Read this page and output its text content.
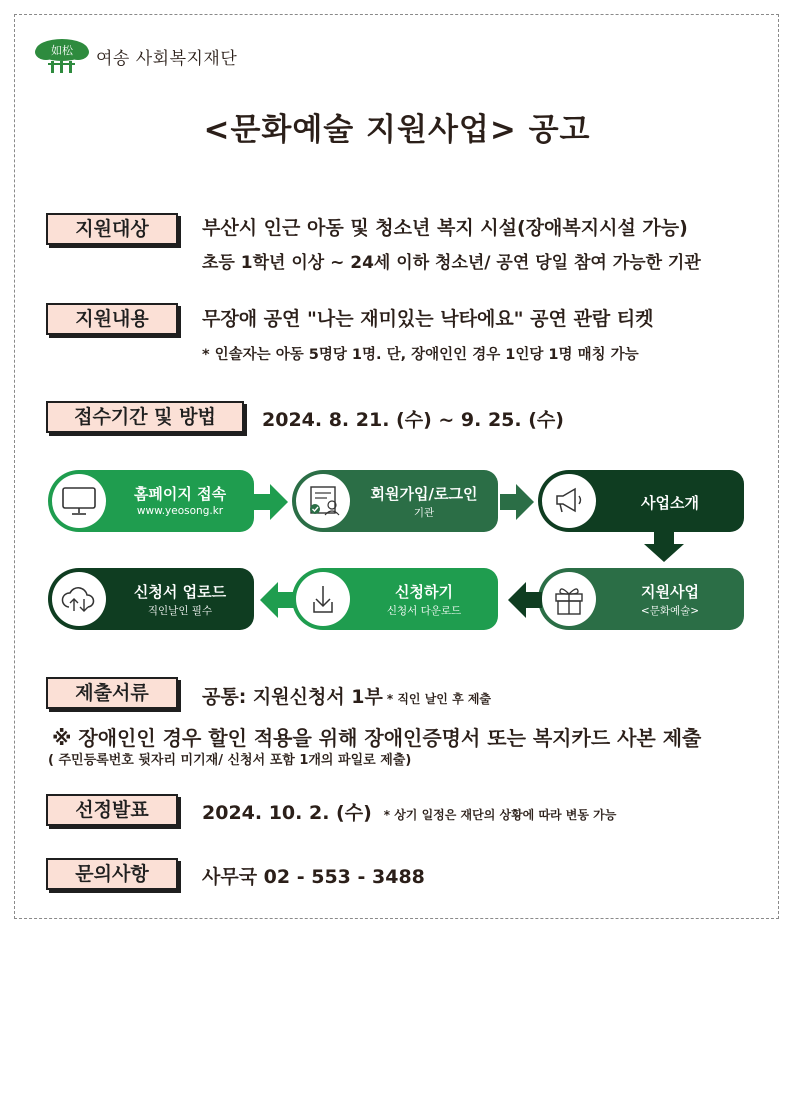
如松 여송 사회복지재단
<문화예술 지원사업> 공고
지원대상	부산시 인근 아동 및 청소년 복지 시설(장애복지시설 가능)
초등 1학년 이상 ~ 24세 이하 청소년/ 공연 당일 참여 가능한 기관
지원내용	무장애 공연 "나는 재미있는 낙타에요" 공연 관람 티켓
* 인솔자는 아동 5명당 1명. 단, 장애인인 경우 1인당 1명 매칭 가능
접수기간 및 방법	2024. 8. 21. (수) ~ 9. 25. (수)
홈페이지 접속
www.yeosong.kr
회원가입/로그인
기관
사업소개
지원사업
<문화예술>
신청하기
신청서 다운로드
신청서 업로드
직인날인 필수
제출서류	공통: 지원신청서 1부 * 직인 날인 후 제출
※ 장애인인 경우 할인 적용을 위해 장애인증명서 또는 복지카드 사본 제출
( 주민등록번호 뒷자리 미기재/ 신청서 포함 1개의 파일로 제출)
선정발표	2024. 10. 2. (수) * 상기 일정은 재단의 상황에 따라 변동 가능
문의사항	사무국 02 - 553 - 3488
